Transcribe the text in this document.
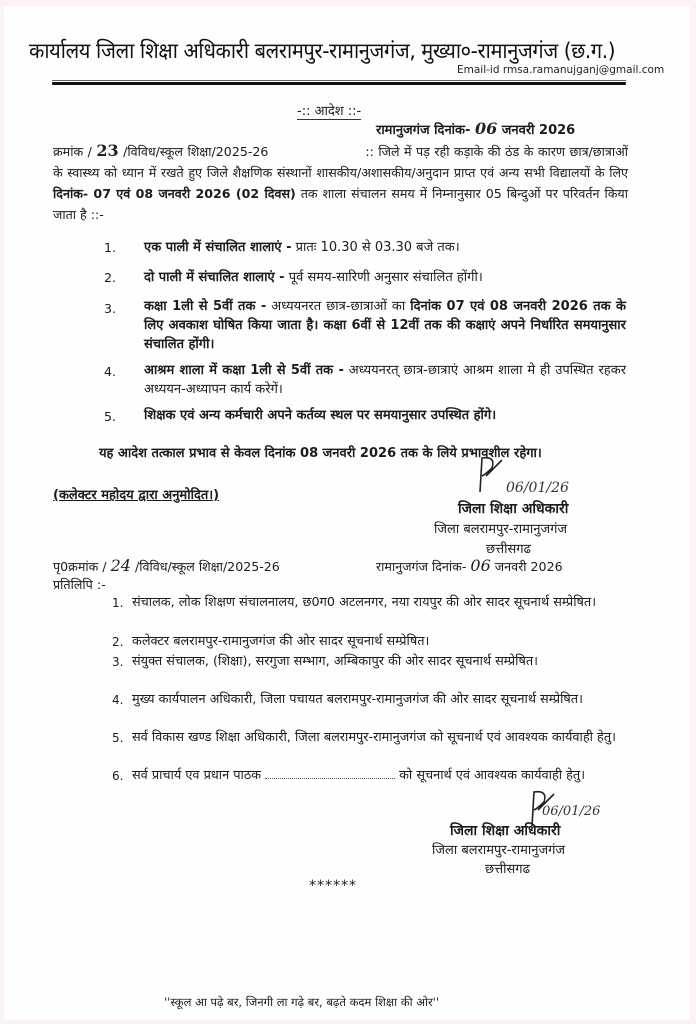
कार्यालय जिला शिक्षा अधिकारी बलरामपुर-रामानुजगंज, मुख्या०-रामानुजगंज (छ.ग.)
Email-id rmsa.ramanujganj@gmail.com
-:: आदेश ::-
रामानुजगंज दिनांक- 06 जनवरी 2026
क्रमांक / 23 /विविध/स्कूल शिक्षा/2025-26	:: जिले में पड़ रही कड़ाके की ठंड के कारण छात्र/छात्राओं के स्वास्थ्य को ध्यान में रखते हुए जिले शैक्षणिक संस्थानों शासकीय/अशासकीय/अनुदान प्राप्त एवं अन्य सभी विद्यालयों के लिए दिनांक- 07 एवं 08 जनवरी 2026 (02 दिवस) तक शाला संचालन समय में निम्नानुसार 05 बिन्दुओं पर परिवर्तन किया जाता है ::-
1. एक पाली में संचालित शालाएं - प्रातः 10.30 से 03.30 बजे तक।
2. दो पाली में संचालित शालाएं - पूर्व समय-सारिणी अनुसार संचालित होंगी।
3. कक्षा 1ली से 5वीं तक - अध्ययनरत छात्र-छात्राओं का दिनांक 07 एवं 08 जनवरी 2026 तक के लिए अवकाश घोषित किया जाता है। कक्षा 6वीं से 12वीं तक की कक्षाएं अपने निर्धारित समयानुसार संचालित होंगी।
4. आश्रम शाला में कक्षा 1ली से 5वीं तक - अध्ययनरत् छात्र-छात्राएं आश्रम शाला मे ही उपस्थित रहकर अध्ययन-अध्यापन कार्य करेगें।
5. शिक्षक एवं अन्य कर्मचारी अपने कर्तव्य स्थल पर समयानुसार उपस्थित होंगे।
यह आदेश तत्काल प्रभाव से केवल दिनांक 08 जनवरी 2026 तक के लिये प्रभावशील रहेगा।
(कलेक्टर महोदय द्वारा अनुमोदित।)	06/01/26
जिला शिक्षा अधिकारी
जिला बलरामपुर-रामानुजगंज
छत्तीसगढ
पृ0क्रमांक / 24 /विविध/स्कूल शिक्षा/2025-26	रामानुजगंज दिनांक- 06 जनवरी 2026
प्रतिलिपि :-
1. संचालक, लोक शिक्षण संचालनालय, छ0ग0 अटलनगर, नया रायपुर की ओर सादर सूचनार्थ सम्प्रेषित।
2. कलेक्टर बलरामपुर-रामानुजगंज की ओर सादर सूचनार्थ सम्प्रेषित।
3. संयुक्त संचालक, (शिक्षा), सरगुजा सम्भाग, अम्बिकापुर की ओर सादर सूचनार्थ सम्प्रेषित।
4. मुख्य कार्यपालन अधिकारी, जिला पचायत बलरामपुर-रामानुजगंज की ओर सादर सूचनार्थ सम्प्रेषित।
5. सर्व विकास खण्ड शिक्षा अधिकारी, जिला बलरामपुर-रामानुजगंज को सूचनार्थ एवं आवश्यक कार्यवाही हेतु।
6. सर्व प्राचार्य एव प्रधान पाठक	को सूचनार्थ एवं आवश्यक कार्यवाही हेतु।
06/01/26
जिला शिक्षा अधिकारी
जिला बलरामपुर-रामानुजगंज
छत्तीसगढ
******
''स्कूल आ पढ़े बर, जिनगी ला गढ़े बर, बढ़ते कदम शिक्षा की ओर''
